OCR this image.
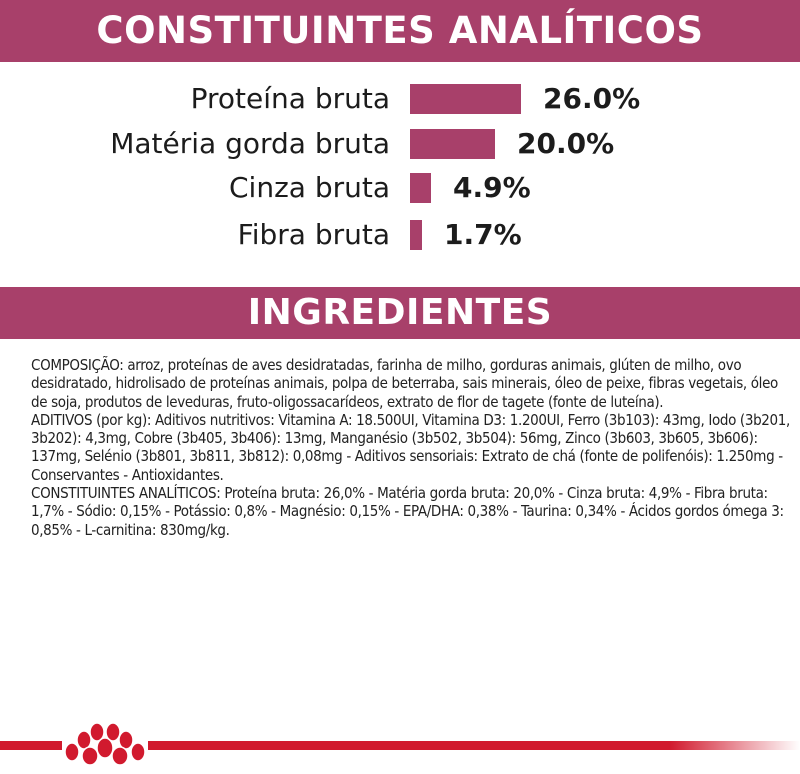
CONSTITUINTES ANALÍTICOS
Proteína bruta	26.0%
Matéria gorda bruta	20.0%
Cinza bruta 4.9%
Fibra bruta 1.7%
INGREDIENTES

COMPOSIÇÃO: arroz, proteínas de aves desidratadas, farinha de milho, gorduras animais, glúten de milho, ovo desidratado, hidrolisado de proteínas animais, polpa de beterraba, sais minerais, óleo de peixe, fibras vegetais, óleo de soja, produtos de leveduras, fruto-oligossacarídeos, extrato de flor de tagete (fonte de luteína).

ADITIVOS (por kg): Aditivos nutritivos: Vitamina A: 18.500UI, Vitamina D3: 1.200UI, Ferro (3b103): 43mg, Iodo (3b201, 3b202): 4,3mg, Cobre (3b405, 3b406): 13mg, Manganésio (3b502, 3b504): 56mg, Zinco (3b603, 3b605, 3b606): 137mg, Selénio (3b801, 3b811, 3b812): 0,08mg - Aditivos sensoriais: Extrato de chá (fonte de polifenóis): 1.250mg - Conservantes - Antioxidantes.

CONSTITUINTES ANALÍTICOS: Proteína bruta: 26,0% - Matéria gorda bruta: 20,0% - Cinza bruta: 4,9% - Fibra bruta: 1,7% - Sódio: 0,15% - Potássio: 0,8% - Magnésio: 0,15% - EPA/DHA: 0,38% - Taurina: 0,34% - Ácidos gordos ómega 3: 0,85% - L-carnitina: 830mg/kg.
